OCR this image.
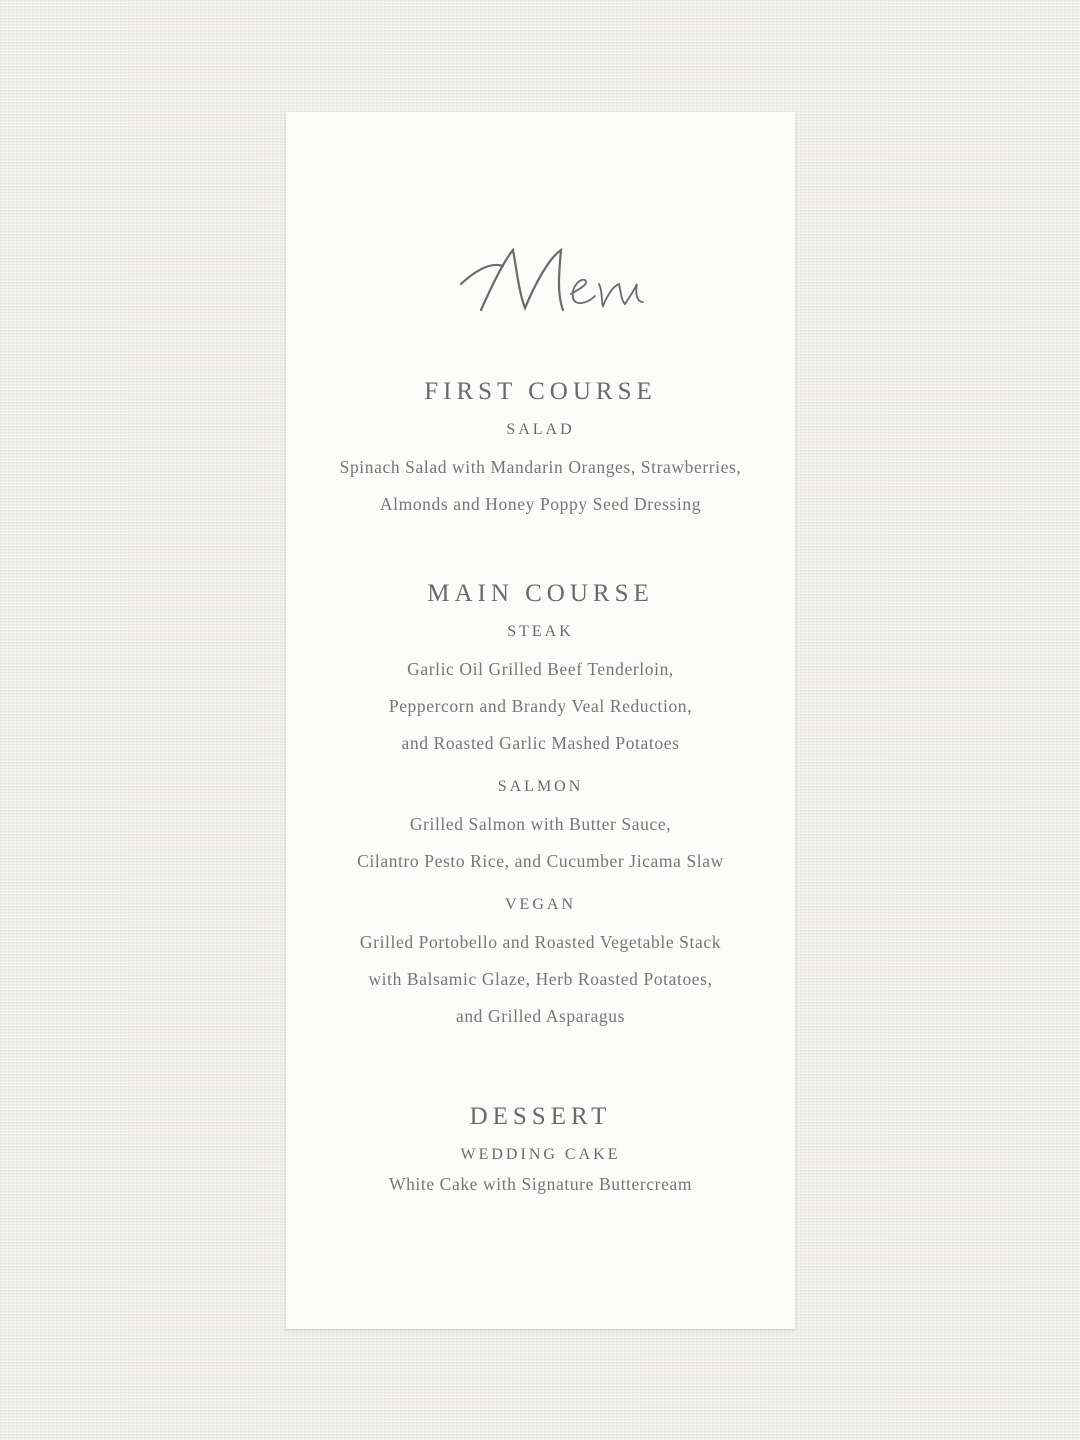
FIRST COURSE
SALAD

Spinach Salad with Mandarin Oranges, Strawberries,

Almonds and Honey Poppy Seed Dressing

MAIN COURSE
STEAK

Garlic Oil Grilled Beef Tenderloin,

Peppercorn and Brandy Veal Reduction,

and Roasted Garlic Mashed Potatoes

SALMON

Grilled Salmon with Butter Sauce,

Cilantro Pesto Rice, and Cucumber Jicama Slaw

VEGAN

Grilled Portobello and Roasted Vegetable Stack

with Balsamic Glaze, Herb Roasted Potatoes,

and Grilled Asparagus

DESSERT
WEDDING CAKE

White Cake with Signature Buttercream
